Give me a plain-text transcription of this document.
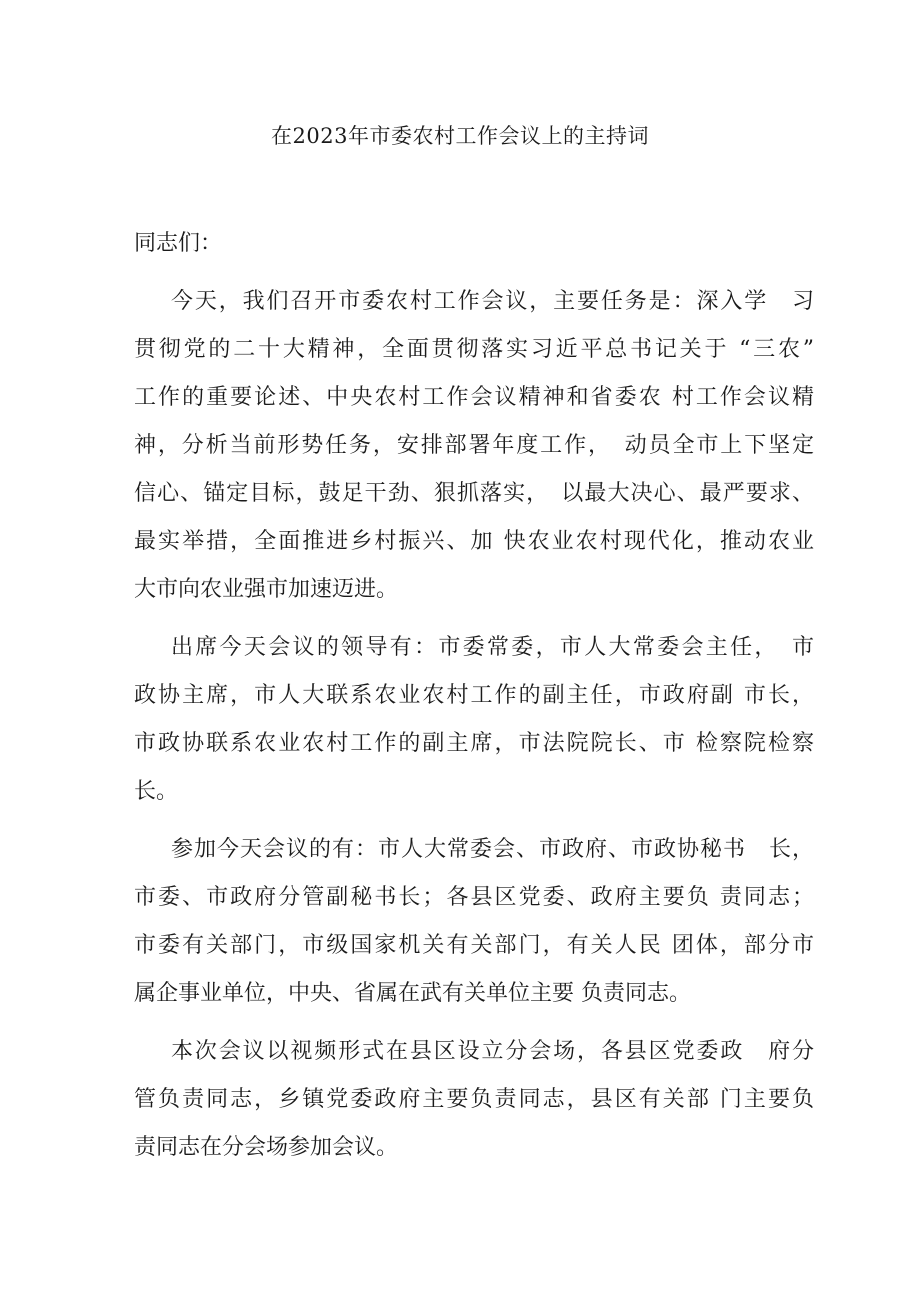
在2023年市委农村工作会议上的主持词
同志们：
今天，我们召开市委农村工作会议，主要任务是：深入学　习
贯彻党的二十大精神，全面贯彻落实习近平总书记关于 “三农”
工作的重要论述、中央农村工作会议精神和省委农 村工作会议精
神，分析当前形势任务，安排部署年度工作，　动员全市上下坚定
信心、锚定目标，鼓足干劲、狠抓落实，　以最大决心、最严要求、
最实举措，全面推进乡村振兴、加 快农业农村现代化，推动农业
大市向农业强市加速迈进。
出席今天会议的领导有：市委常委，市人大常委会主任，　市
政协主席，市人大联系农业农村工作的副主任，市政府副 市长，
市政协联系农业农村工作的副主席，市法院院长、市 检察院检察
长。
参加今天会议的有：市人大常委会、市政府、市政协秘书　长，
市委、市政府分管副秘书长；各县区党委、政府主要负 责同志；
市委有关部门，市级国家机关有关部门，有关人民 团体，部分市
属企事业单位，中央、省属在武有关单位主要 负责同志。
本次会议以视频形式在县区设立分会场，各县区党委政　府分
管负责同志，乡镇党委政府主要负责同志，县区有关部 门主要负
责同志在分会场参加会议。
